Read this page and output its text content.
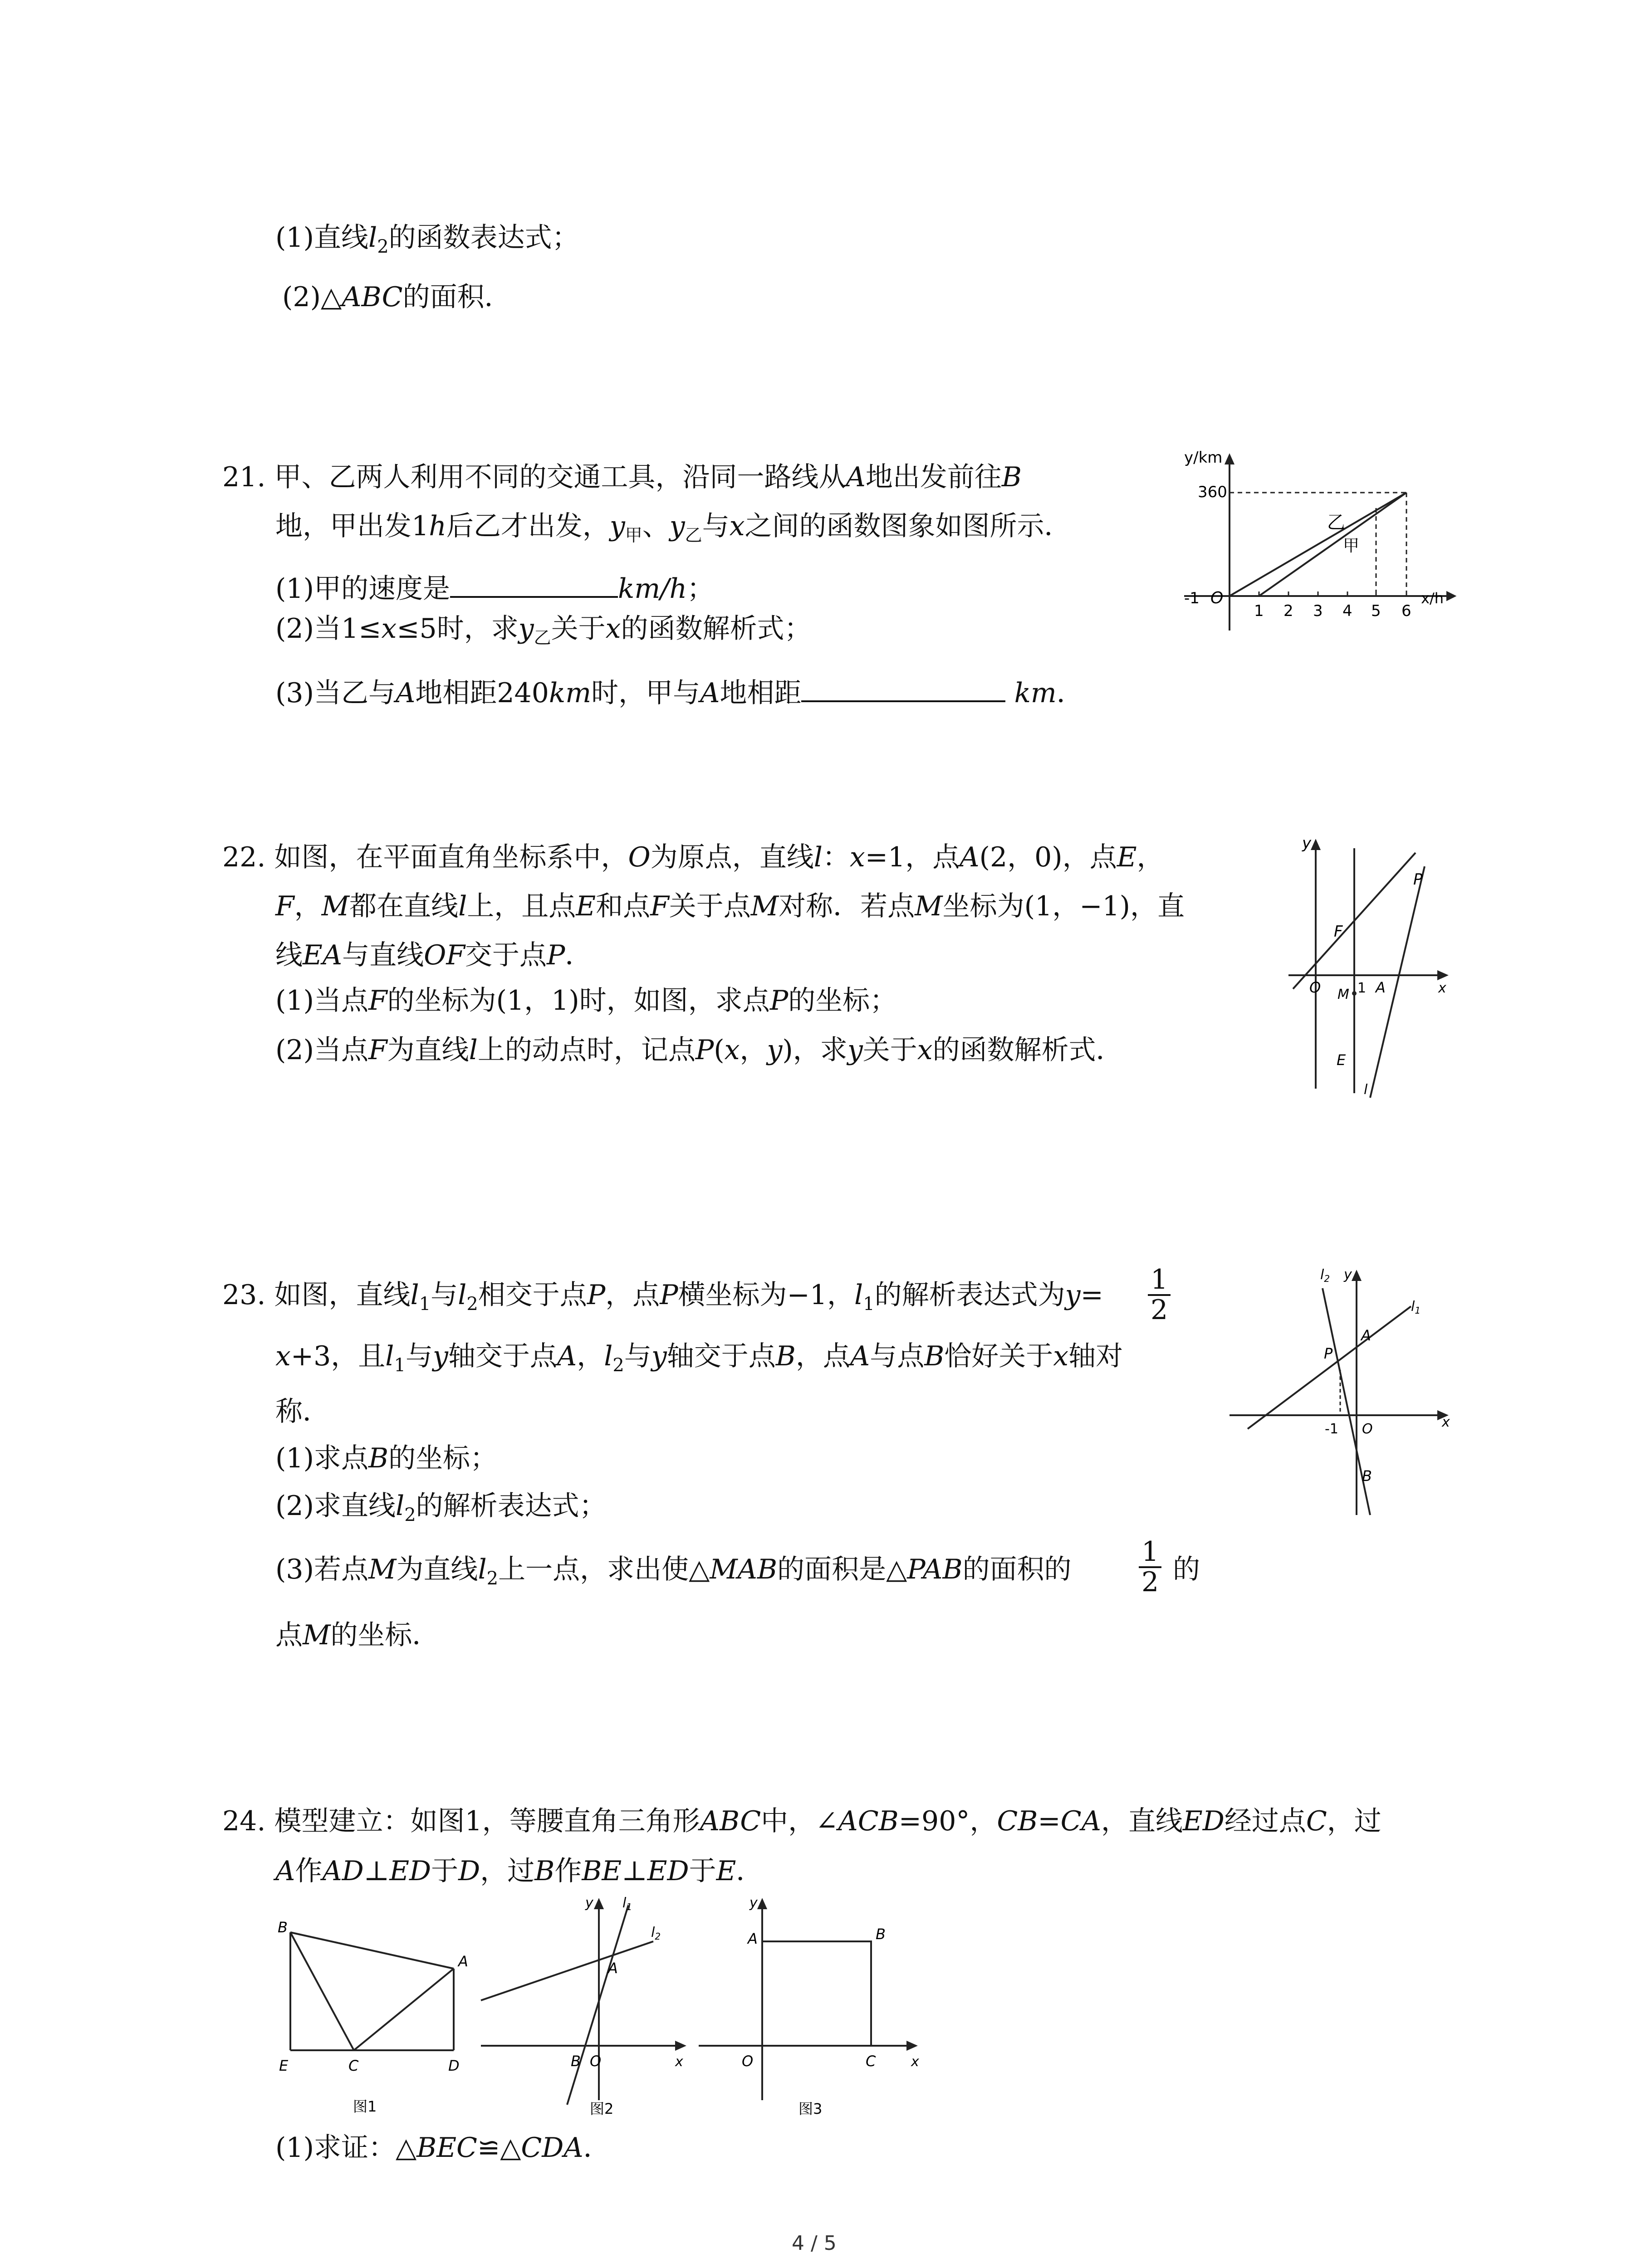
(1)直线$l_2$的函数表达式；
(2)△ABC的面积．
21. 甲、乙两人利用不同的交通工具，沿同一路线从A地出发前往B
地，甲出发1h后乙才出发，$y_甲$、$y_乙$与x之间的函数图象如图所示．
(1)甲的速度是	km/h；
(2)当1≤x≤5时，求$y_乙$关于x的函数解析式；
(3)当乙与A地相距240km时，甲与A地相距	km．
y/km
360
-1 O
1 2 3 4 5 6
x/h
乙
甲
22. 如图，在平面直角坐标系中，O为原点，直线l：x=1，点A(2，0)，点E，
F，M都在直线l上，且点E和点F关于点M对称．若点M坐标为(1，−1)，直
线EA与直线OF交于点P．
(1)当点F的坐标为(1，1)时，如图，求点P的坐标；
(2)当点F为直线l上的动点时，记点P(x，y)，求y关于x的函数解析式．
y
P
F
O	1 A
M
E
l
x
23. 如图，直线$l_1$与$l_2$相交于点P，点P横坐标为−1，$l_1$的解析表达式为$y= \frac{1}{2}$
x+3，且$l_1$与y轴交于点A，$l_2$与y轴交于点B，点A与点B恰好关于x轴对
称．
(1)求点B的坐标；
(2)求直线$l_2$的解析表达式；
(3)若点M为直线$l_2$上一点，求出使△MAB的面积是△PAB的面积的 $\frac{1}{2}$ 的
点M的坐标．
$l_2$ y
$l_1$
P
A
-1 O	x
B
24. 模型建立：如图1，等腰直角三角形ABC中，∠ACB=90°，CB=CA，直线ED经过点C，过
A作AD⊥ED于D，过B作BE⊥ED于E．
B
A
E	C	D
图1
y $l_1$
$l_2$
A
B O	x
图2
y
A	B
O	C	x
图3
(1)求证：△BEC≌△CDA．
4 / 5
